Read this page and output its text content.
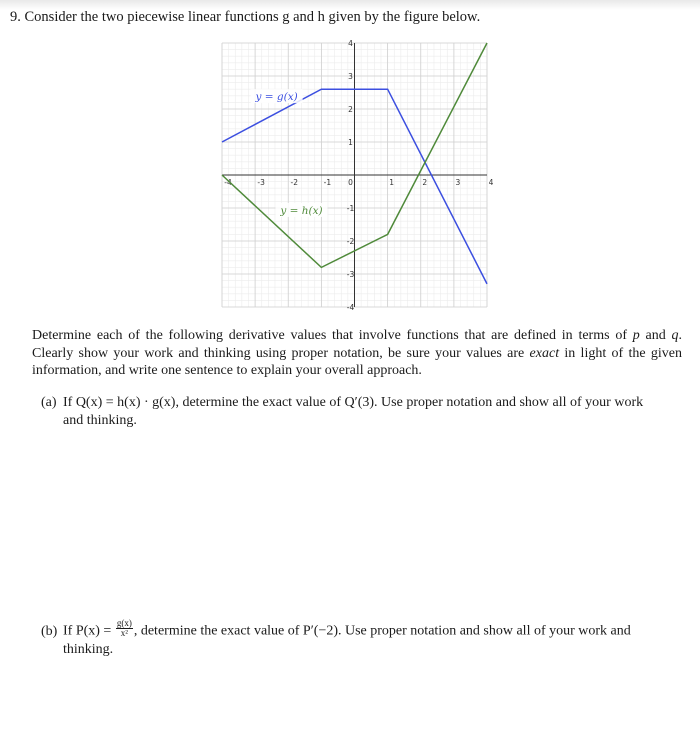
9. Consider the two piecewise linear functions g and h given by the figure below.
-4	-3	-2	-1 0	1	2	3	4
4
3
2
1
-1
-2
-3
-4
y = g(x)
y = h(x)
Determine each of the following derivative values that involve functions that are defined in terms of p and q. Clearly show your work and thinking using proper notation, be sure your values are exact in light of the given information, and write one sentence to explain your overall approach.
(a) If Q(x) = h(x) · g(x), determine the exact value of Q′(3). Use proper notation and show all of your work
and thinking.
(b) If $P(x) = \frac{g(x)}{\text{x²}}$ , determine the exact value of P′(−2). Use proper notation and show all of your work and
thinking.
